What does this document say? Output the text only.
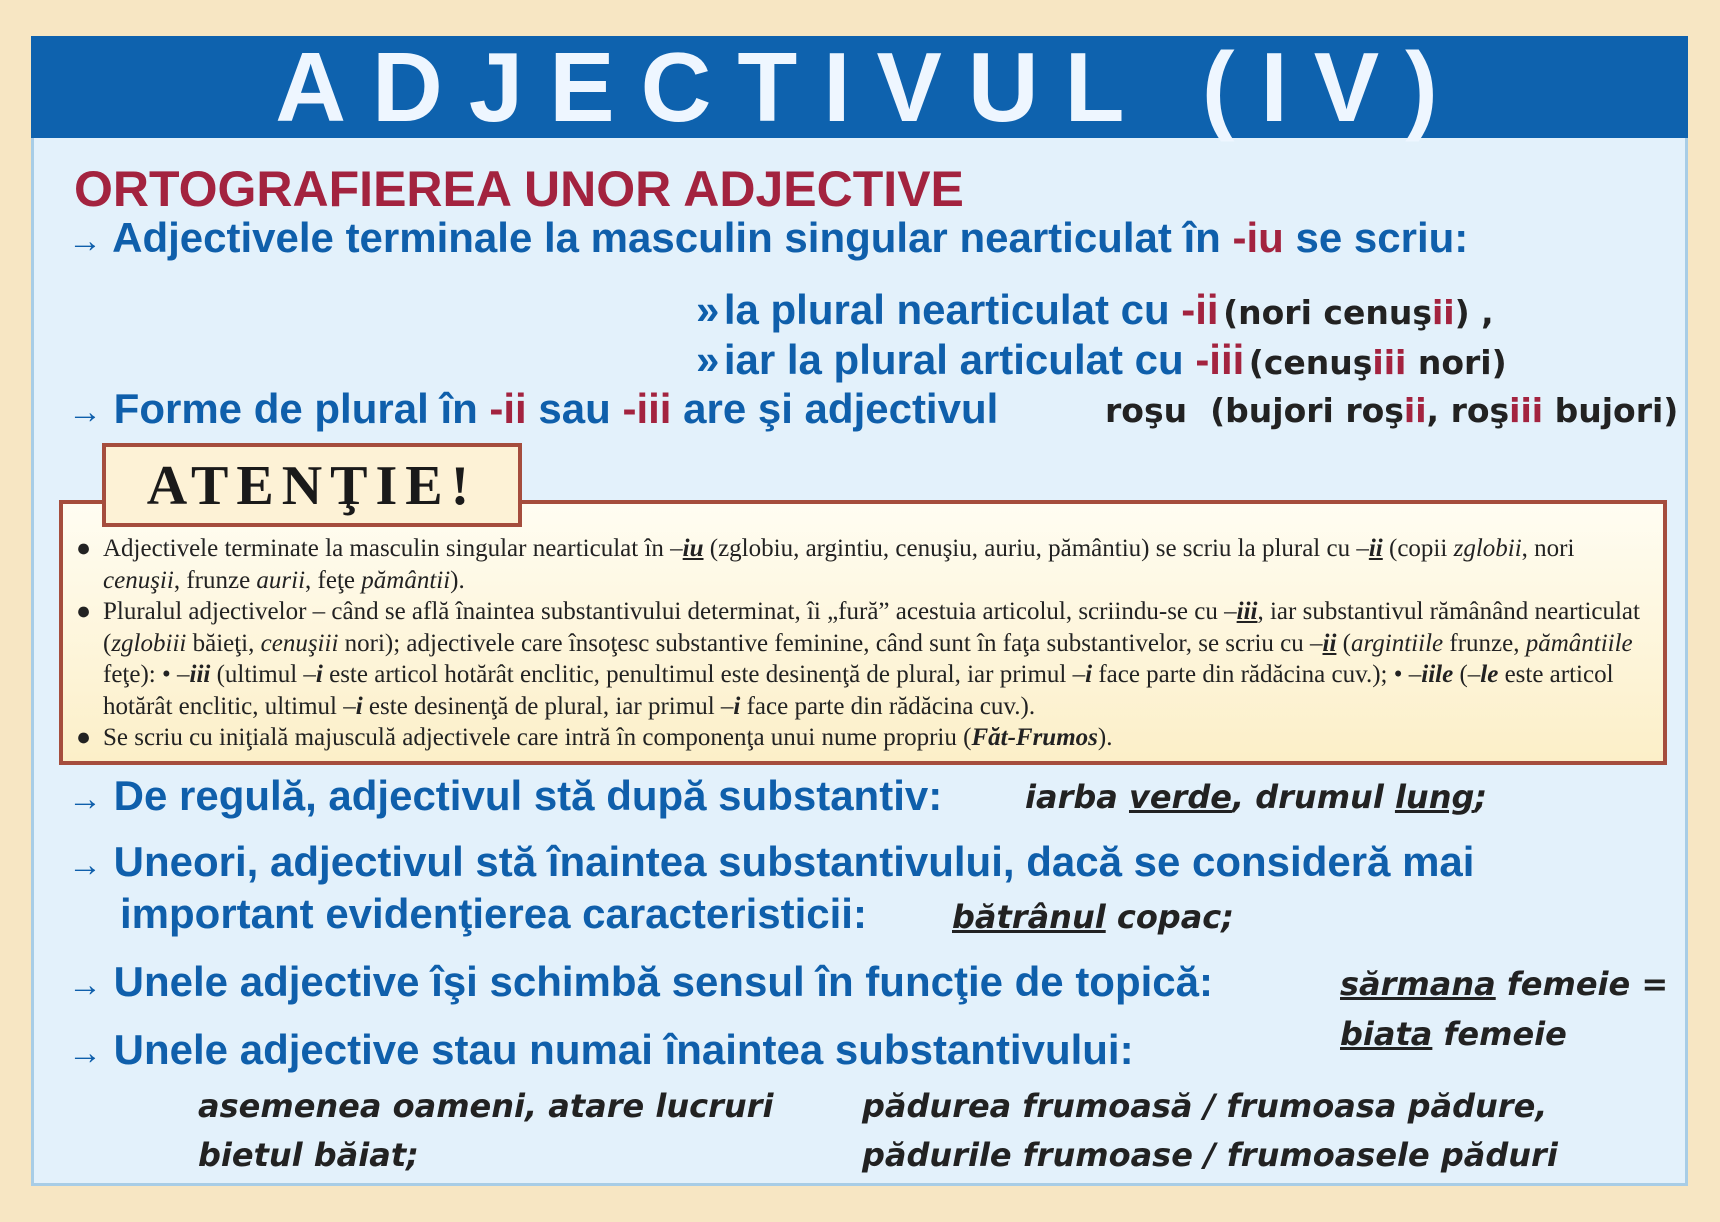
ADJECTIVUL (IV)
ORTOGRAFIEREA UNOR ADJECTIVE
→ Adjectivele terminale la masculin singular nearticulat în -iu se scriu:
» la plural nearticulat cu -ii (nori cenuşii) ,
» iar la plural articulat cu -iii (cenuşiii nori)
→ Forme de plural în -ii sau -iii are şi adjectivul	roşu (bujori roşii, roşiii bujori)
ATENŢIE!

● Adjectivele terminate la masculin singular nearticulat în –iu (zglobiu, argintiu, cenuşiu, auriu, pământiu) se scriu la plural cu –ii (copii zglobii, nori cenuşii, frunze aurii, feţe pământii).

● Pluralul adjectivelor – când se află înaintea substantivului determinat, îi „fură” acestuia articolul, scriindu-se cu –iii, iar substantivul rămânând nearticulat (zglobiii băieţi, cenuşiii nori); adjectivele care însoţesc substantive feminine, când sunt în faţa substantivelor, se scriu cu –ii (argintiile frunze, pământiile feţe): • –iii (ultimul –i este articol hotărât enclitic, penultimul este desinenţă de plural, iar primul –i face parte din rădăcina cuv.); • –iile (–le este articol hotărât enclitic, ultimul –i este desinenţă de plural, iar primul –i face parte din rădăcina cuv.).

● Se scriu cu iniţială majusculă adjectivele care intră în componenţa unui nume propriu (Făt-Frumos).

→ De regulă, adjectivul stă după substantiv:	iarba verde, drumul lung;
→ Uneori, adjectivul stă înaintea substantivului, dacă se consideră mai
important evidenţierea caracteristicii:	bătrânul copac;
→ Unele adjective îşi schimbă sensul în funcţie de topică:	sărmana femeie =
biata femeie
→ Unele adjective stau numai înaintea substantivului:
asemenea oameni, atare lucruri
bietul băiat;
pădurea frumoasă / frumoasa pădure,
pădurile frumoase / frumoasele păduri
